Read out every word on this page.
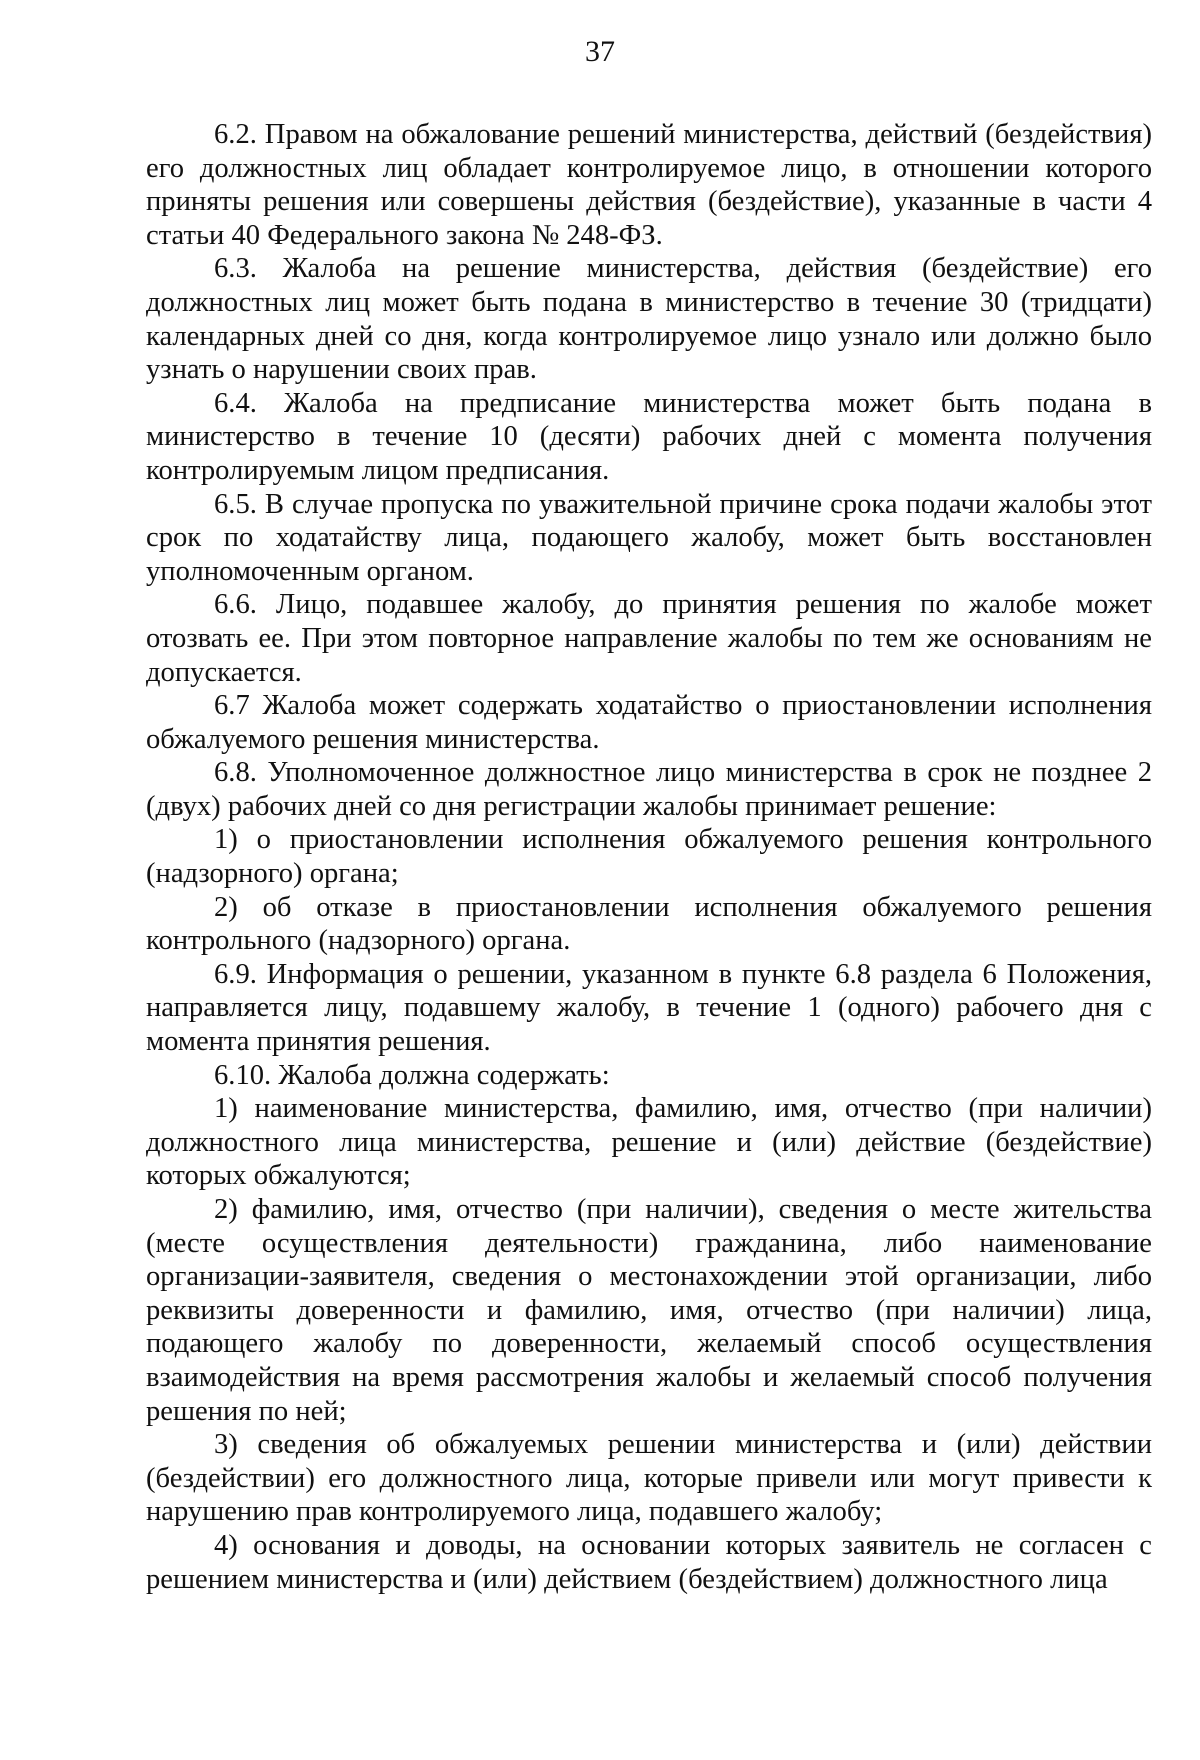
37

6.2. Правом на обжалование решений министерства, действий (бездействия) его должностных лиц обладает контролируемое лицо, в отношении которого приняты решения или совершены действия (бездействие), указанные в части 4 статьи 40 Федерального закона № 248-ФЗ.

6.3. Жалоба на решение министерства, действия (бездействие) его должностных лиц может быть подана в министерство в течение 30 (тридцати) календарных дней со дня, когда контролируемое лицо узнало или должно было узнать о нарушении своих прав.

6.4. Жалоба на предписание министерства может быть подана в министерство в течение 10 (десяти) рабочих дней с момента получения контролируемым лицом предписания.

6.5. В случае пропуска по уважительной причине срока подачи жалобы этот срок по ходатайству лица, подающего жалобу, может быть восстановлен уполномоченным органом.

6.6. Лицо, подавшее жалобу, до принятия решения по жалобе может отозвать ее. При этом повторное направление жалобы по тем же основаниям не допускается.

6.7 Жалоба может содержать ходатайство о приостановлении исполнения обжалуемого решения министерства.

6.8. Уполномоченное должностное лицо министерства в срок не позднее 2 (двух) рабочих дней со дня регистрации жалобы принимает решение:

1) о приостановлении исполнения обжалуемого решения контрольного (надзорного) органа;

2) об отказе в приостановлении исполнения обжалуемого решения контрольного (надзорного) органа.

6.9. Информация о решении, указанном в пункте 6.8 раздела 6 Положения, направляется лицу, подавшему жалобу, в течение 1 (одного) рабочего дня с момента принятия решения.

6.10. Жалоба должна содержать:

1) наименование министерства, фамилию, имя, отчество (при наличии) должностного лица министерства, решение и (или) действие (бездействие) которых обжалуются;

2) фамилию, имя, отчество (при наличии), сведения о месте жительства (месте осуществления деятельности) гражданина, либо наименование организации-заявителя, сведения о местонахождении этой организации, либо реквизиты доверенности и фамилию, имя, отчество (при наличии) лица, подающего жалобу по доверенности, желаемый способ осуществления взаимодействия на время рассмотрения жалобы и желаемый способ получения решения по ней;

3) сведения об обжалуемых решении министерства и (или) действии (бездействии) его должностного лица, которые привели или могут привести к нарушению прав контролируемого лица, подавшего жалобу;

4) основания и доводы, на основании которых заявитель не согласен с решением министерства и (или) действием (бездействием) должностного лица
